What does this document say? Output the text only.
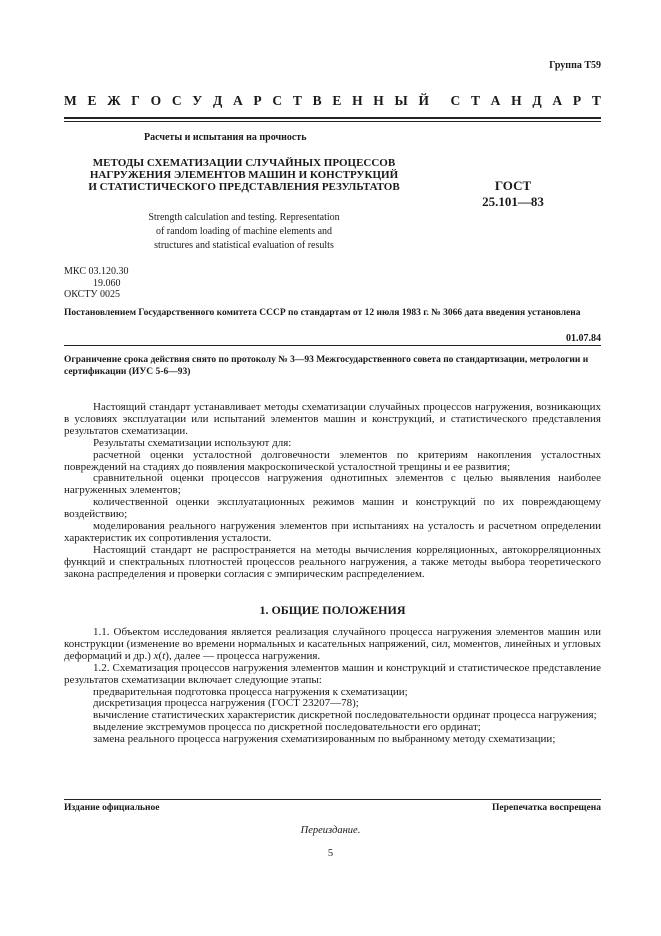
Группа Т59
М Е Ж Г О С У Д А Р С Т В Е Н Н Ы Й С Т А Н Д А Р Т
Расчеты и испытания на прочность
МЕТОДЫ СХЕМАТИЗАЦИИ СЛУЧАЙНЫХ ПРОЦЕССОВ
НАГРУЖЕНИЯ ЭЛЕМЕНТОВ МАШИН И КОНСТРУКЦИЙ
И СТАТИСТИЧЕСКОГО ПРЕДСТАВЛЕНИЯ РЕЗУЛЬТАТОВ	ГОСТ
25.101—83
Strength calculation and testing. Representation
of random loading of machine elements and
structures and statistical evaluation of results
МКС 03.120.30
19.060
ОКСТУ 0025
Постановлением Государственного комитета СССР по стандартам от 12 июля 1983 г. № 3066 дата введения установлена
01.07.84
Ограничение срока действия снято по протоколу № 3—93 Межгосударственного совета по стандартизации, метрологии и сертификации (ИУС 5-6—93)

Настоящий стандарт устанавливает методы схематизации случайных процессов нагружения, возникающих в условиях эксплуатации или испытаний элементов машин и конструкций, и статистического представления результатов схематизации.

Результаты схематизации используют для:

расчетной оценки усталостной долговечности элементов по критериям накопления усталостных повреждений на стадиях до появления макроскопической усталостной трещины и ее развития;

сравнительной оценки процессов нагружения однотипных элементов с целью выявления наиболее нагруженных элементов;

количественной оценки эксплуатационных режимов машин и конструкций по их повреждающему воздействию;

моделирования реального нагружения элементов при испытаниях на усталость и расчетном определении характеристик их сопротивления усталости.

Настоящий стандарт не распространяется на методы вычисления корреляционных, автокорреляционных функций и спектральных плотностей процессов реального нагружения, а также методы выбора теоретического закона распределения и проверки согласия с эмпирическим распределением.

1. ОБЩИЕ ПОЛОЖЕНИЯ

1.1. Объектом исследования является реализация случайного процесса нагружения элементов машин или конструкции (изменение во времени нормальных и касательных напряжений, сил, моментов, линейных и угловых деформаций и др.) x(t), далее — процесса нагружения.

1.2. Схематизация процессов нагружения элементов машин и конструкций и статистическое представление результатов схематизации включает следующие этапы:

предварительная подготовка процесса нагружения к схематизации;

дискретизация процесса нагружения (ГОСТ 23207—78);

вычисление статистических характеристик дискретной последовательности ординат процесса нагружения;

выделение экстремумов процесса по дискретной последовательности его ординат;

замена реального процесса нагружения схематизированным по выбранному методу схематизации;

Издание официальное	Перепечатка воспрещена
Переиздание.
5
